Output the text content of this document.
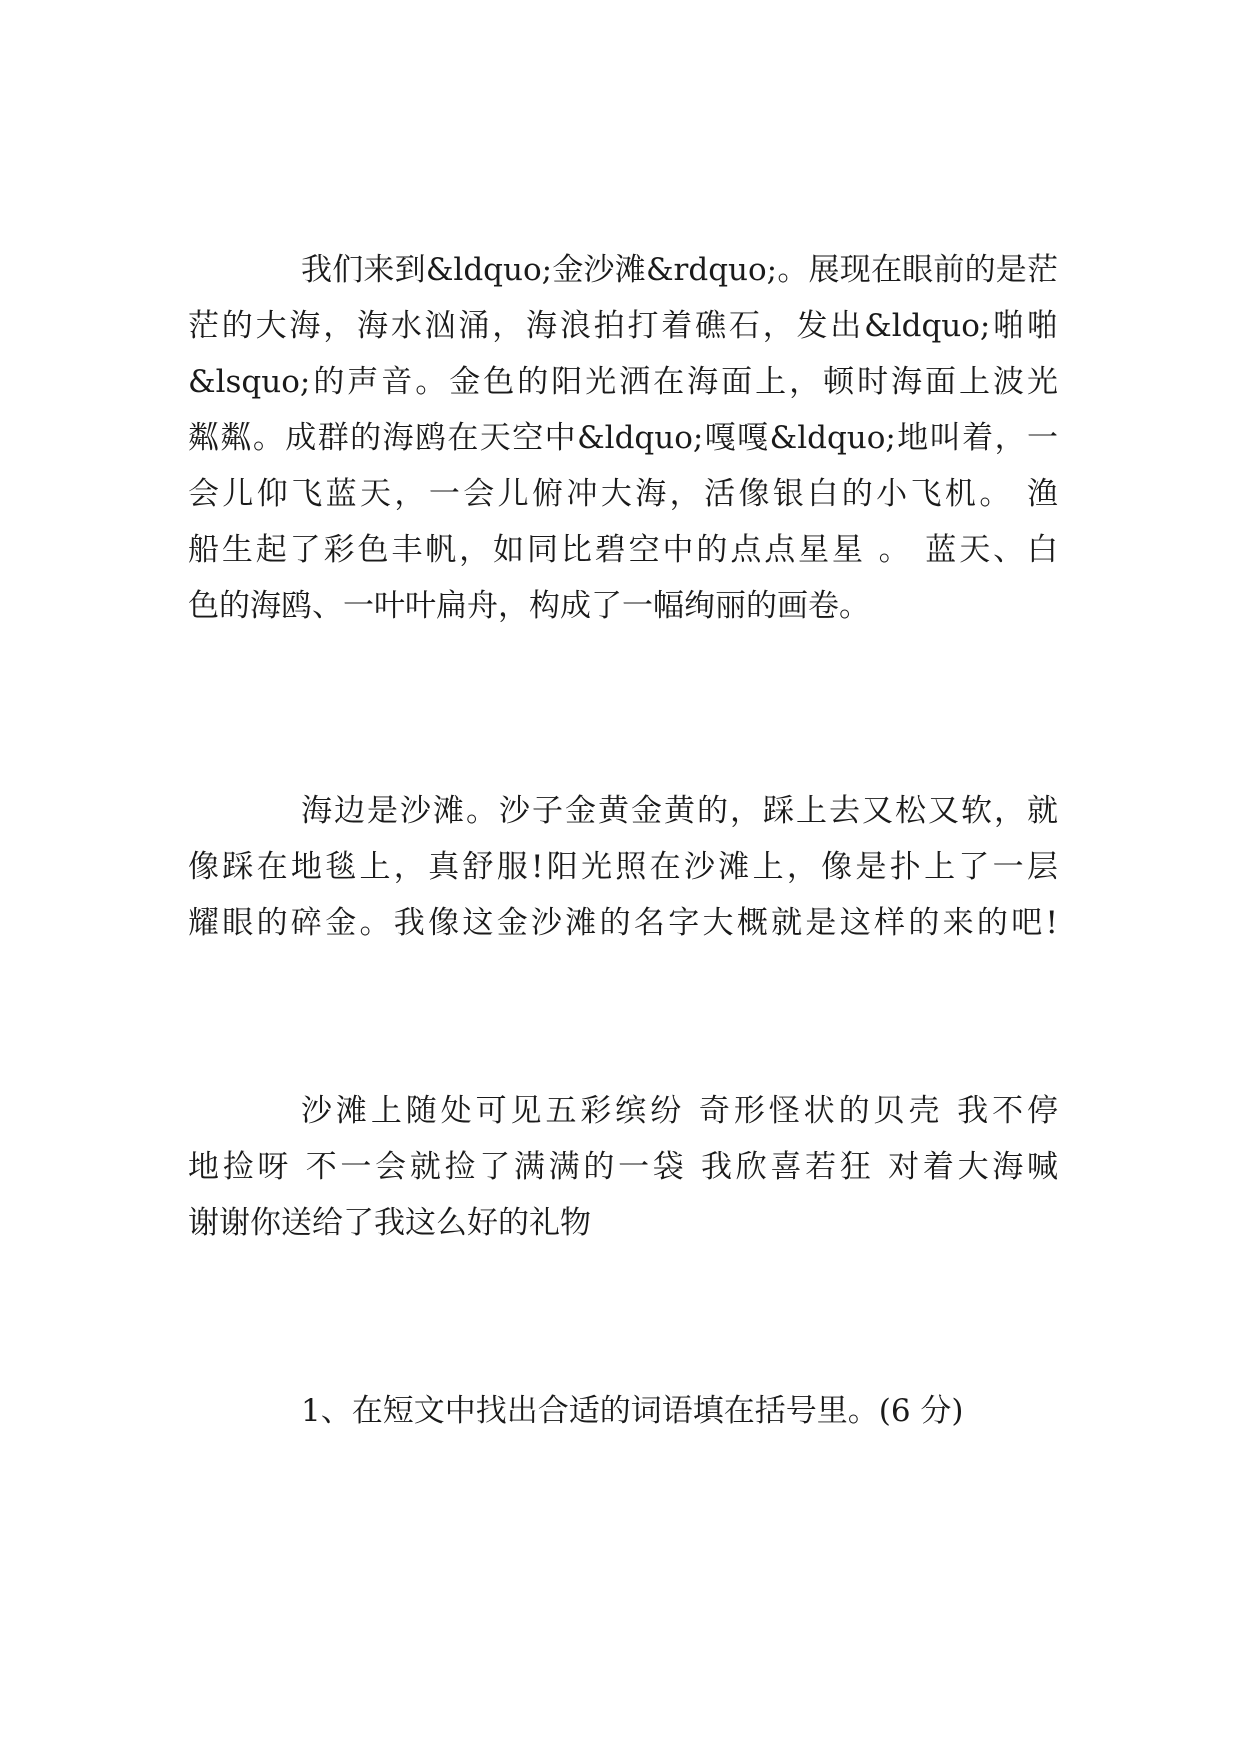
我们来到&ldquo;金沙滩&rdquo;。展现在眼前的是茫
茫的大海，海水汹涌，海浪拍打着礁石，发出&ldquo;啪啪
&lsquo;的声音。金色的阳光洒在海面上，顿时海面上波光
粼粼。成群的海鸥在天空中&ldquo;嘎嘎&ldquo;地叫着，一
会儿仰飞蓝天，一会儿俯冲大海，活像银白的小飞机。 渔
船生起了彩色丰帆，如同比碧空中的点点星星 。 蓝天、白
色的海鸥、一叶叶扁舟，构成了一幅绚丽的画卷。
海边是沙滩。沙子金黄金黄的，踩上去又松又软，就
像踩在地毯上，真舒服!阳光照在沙滩上，像是扑上了一层
耀眼的碎金。我像这金沙滩的名字大概就是这样的来的吧!
沙滩上随处可见五彩缤纷 奇形怪状的贝壳 我不停
地捡呀 不一会就捡了满满的一袋 我欣喜若狂 对着大海喊
谢谢你送给了我这么好的礼物
1、在短文中找出合适的词语填在括号里。(6 分)
